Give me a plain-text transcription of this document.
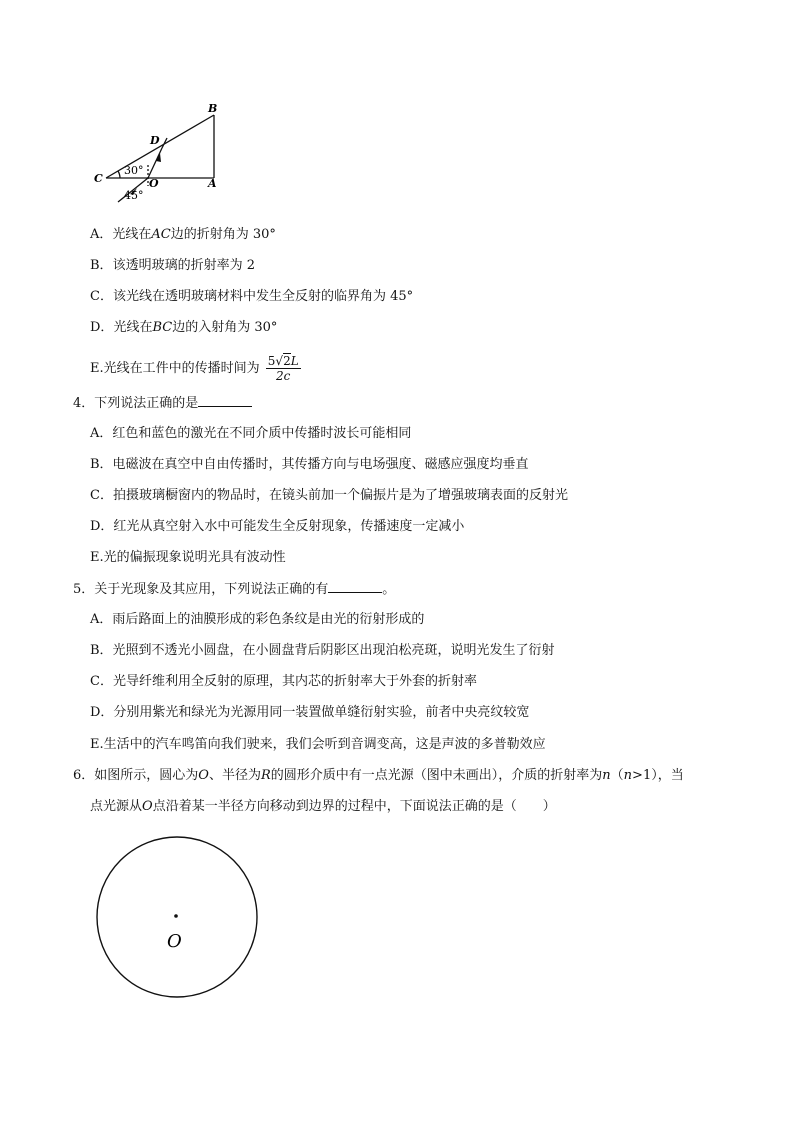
B
D
C	O	A
30°
45°
A．光线在AC边的折射角为 30°
B．该透明玻璃的折射率为 2
C．该光线在透明玻璃材料中发生全反射的临界角为 45°
D．光线在BC边的入射角为 30°
E.光线在工件中的传播时间为 $\frac{5√2L}{2c}$
4．下列说法正确的是
A．红色和蓝色的激光在不同介质中传播时波长可能相同
B．电磁波在真空中自由传播时，其传播方向与电场强度、磁感应强度均垂直
C．拍摄玻璃橱窗内的物品时，在镜头前加一个偏振片是为了增强玻璃表面的反射光
D．红光从真空射入水中可能发生全反射现象，传播速度一定减小
E.光的偏振现象说明光具有波动性
5．关于光现象及其应用，下列说法正确的有	。
A．雨后路面上的油膜形成的彩色条纹是由光的衍射形成的
B．光照到不透光小圆盘，在小圆盘背后阴影区出现泊松亮斑，说明光发生了衍射
C．光导纤维利用全反射的原理，其内芯的折射率大于外套的折射率
D．分别用紫光和绿光为光源用同一装置做单缝衍射实验，前者中央亮纹较宽
E.生活中的汽车鸣笛向我们驶来，我们会听到音调变高，这是声波的多普勒效应
6．如图所示，圆心为O、半径为R的圆形介质中有一点光源（图中未画出），介质的折射率为n（n>1），当
点光源从O点沿着某一半径方向移动到边界的过程中，下面说法正确的是（　　）
O
